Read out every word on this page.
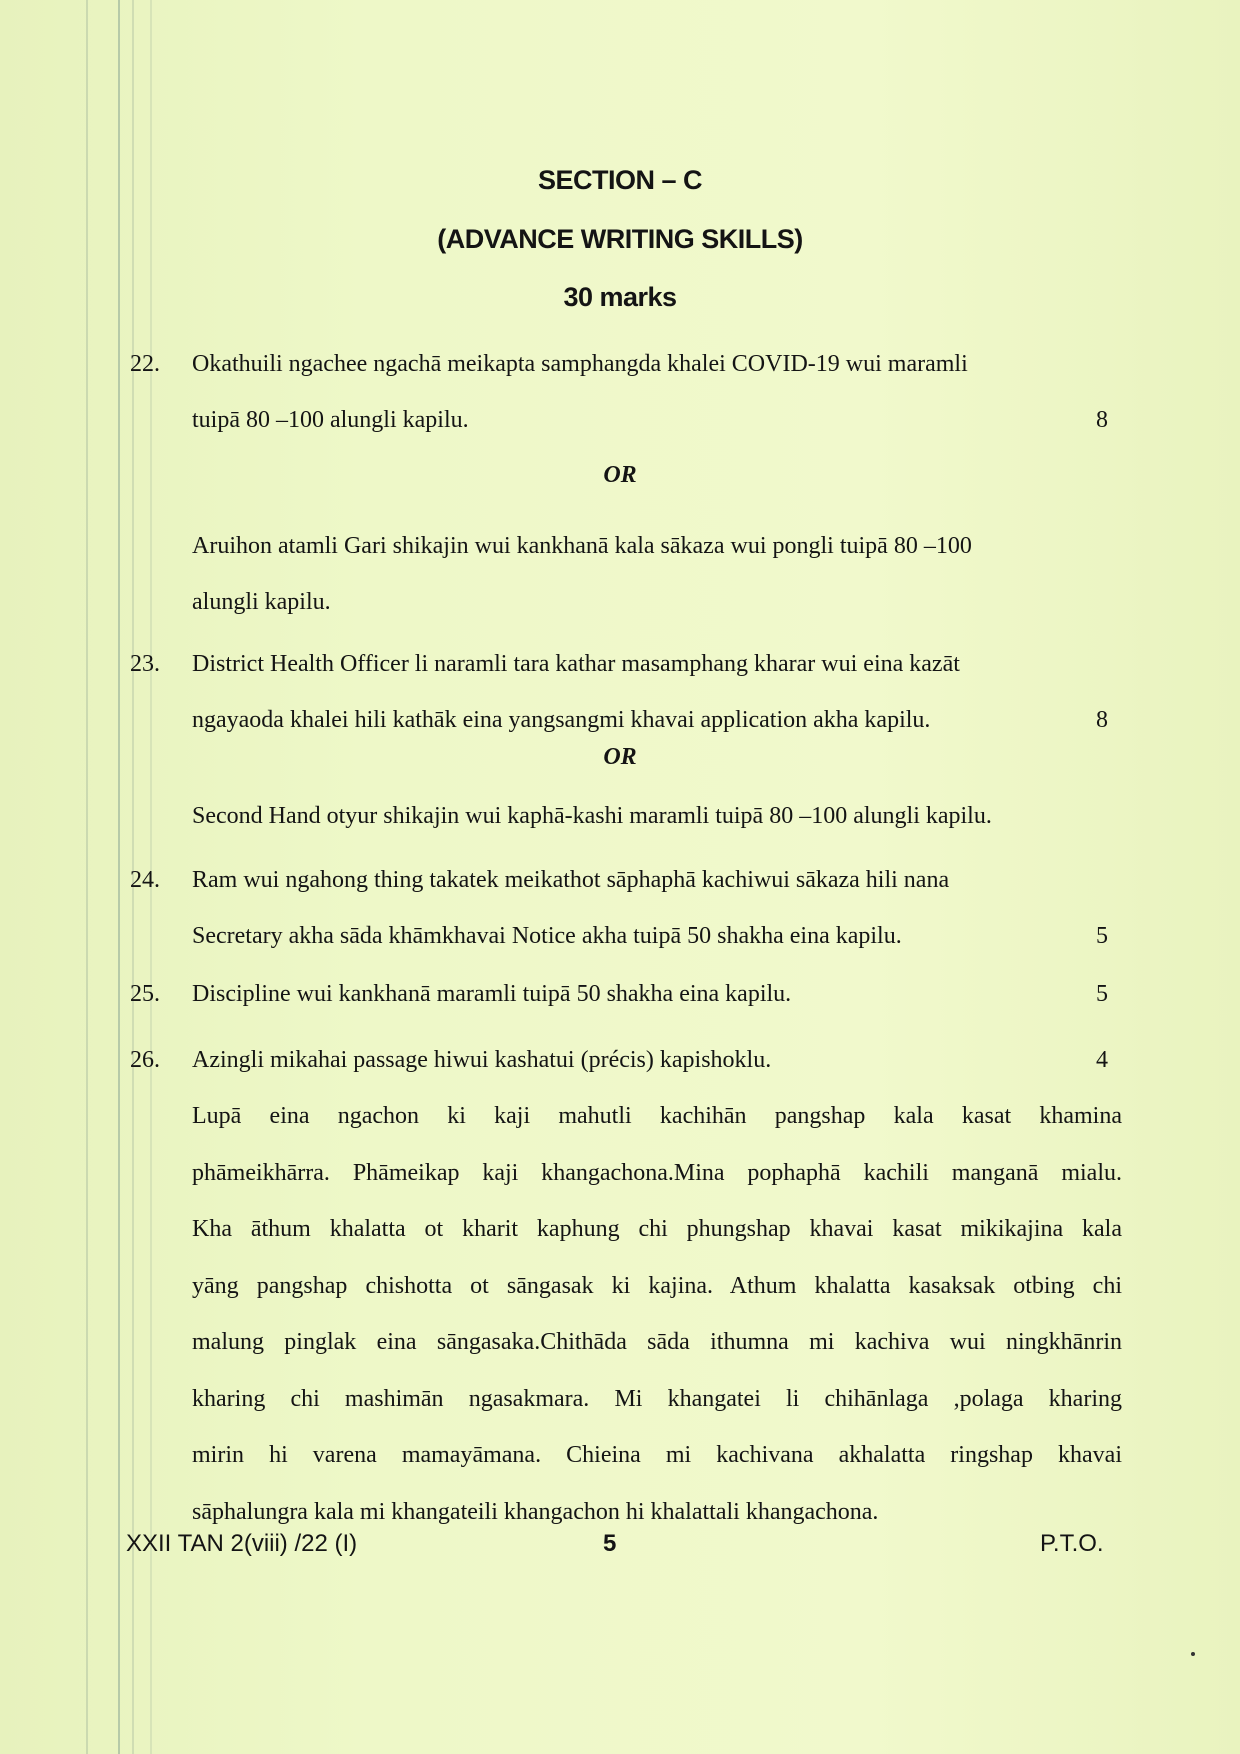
SECTION – C
(ADVANCE WRITING SKILLS)
30 marks
22. Okathuili ngachee ngachā meikapta samphangda khalei COVID-19 wui maramli

tuipā 80 –100 alungli kapilu.	8
OR

Aruihon atamli Gari shikajin wui kankhanā kala sākaza wui pongli tuipā 80 –100

alungli kapilu.

23. District Health Officer li naramli tara kathar masamphang kharar wui eina kazāt

ngayaoda khalei hili kathāk eina yangsangmi khavai application akha kapilu.	8
OR

Second Hand otyur shikajin wui kaphā-kashi maramli tuipā 80 –100 alungli kapilu.

24. Ram wui ngahong thing takatek meikathot sāphaphā kachiwui sākaza hili nana

Secretary akha sāda khāmkhavai Notice akha tuipā 50 shakha eina kapilu.	5
25. Discipline wui kankhanā maramli tuipā 50 shakha eina kapilu.	5
26. Azingli mikahai passage hiwui kashatui (précis) kapishoklu.	4

Lupā eina ngachon ki kaji mahutli kachihān pangshap kala kasat khamina

phāmeikhārra. Phāmeikap kaji khangachona.Mina pophaphā kachili manganā mialu.

Kha āthum khalatta ot kharit kaphung chi phungshap khavai kasat mikikajina kala

yāng pangshap chishotta ot sāngasak ki kajina. Athum khalatta kasaksak otbing chi

malung pinglak eina sāngasaka.Chithāda sāda ithumna mi kachiva wui ningkhānrin

kharing chi mashimān ngasakmara. Mi khangatei li chihānlaga ,polaga kharing

mirin hi varena mamayāmana. Chieina mi kachivana akhalatta ringshap khavai

sāphalungra kala mi khangateili khangachon hi khalattali khangachona.

XXII TAN 2(viii) /22 (I)	5	P.T.O.
